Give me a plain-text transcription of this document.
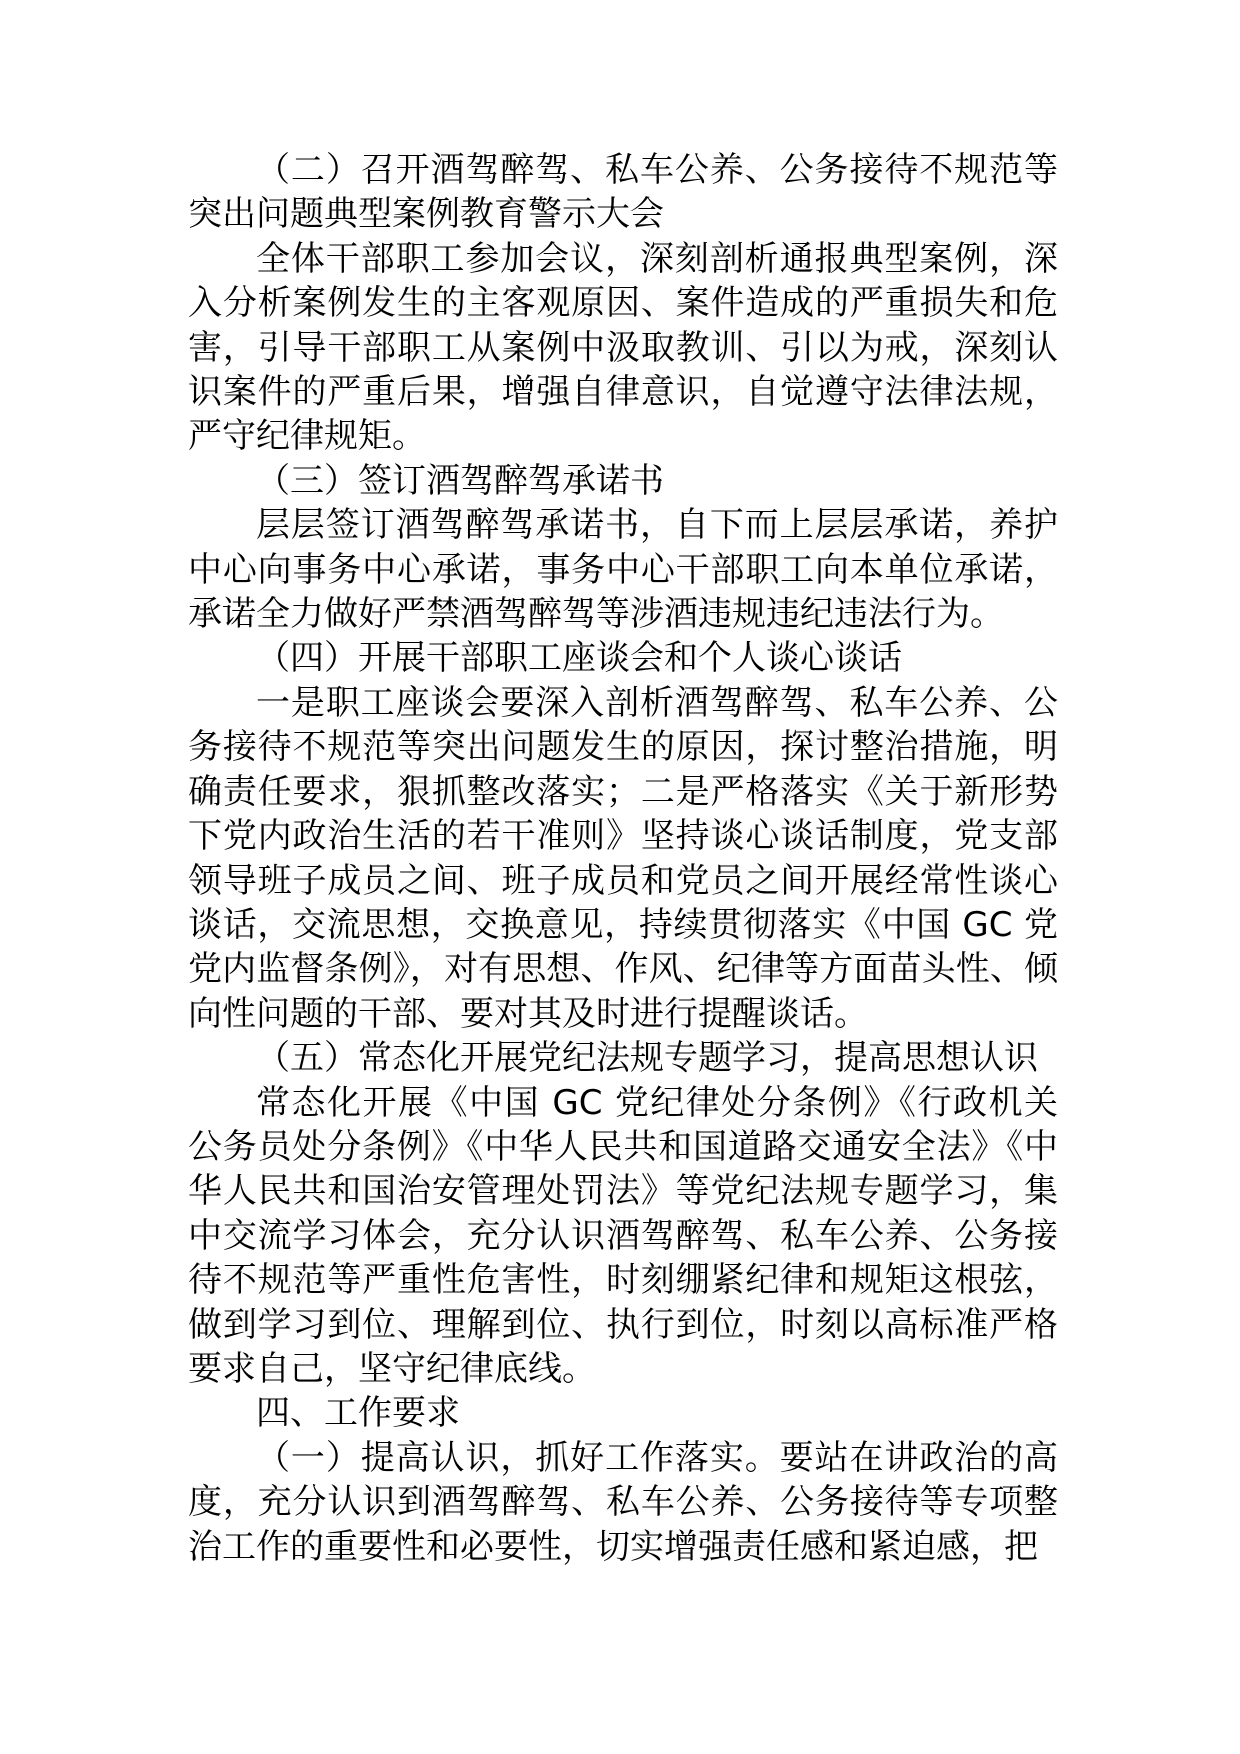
（二）召开酒驾醉驾、私车公养、公务接待不规范等突出问题典型案例教育警示大会

全体干部职工参加会议，深刻剖析通报典型案例，深入分析案例发生的主客观原因、案件造成的严重损失和危害，引导干部职工从案例中汲取教训、引以为戒，深刻认识案件的严重后果，增强自律意识，自觉遵守法律法规，严守纪律规矩。

（三）签订酒驾醉驾承诺书

层层签订酒驾醉驾承诺书，自下而上层层承诺，养护中心向事务中心承诺，事务中心干部职工向本单位承诺，承诺全力做好严禁酒驾醉驾等涉酒违规违纪违法行为。

（四）开展干部职工座谈会和个人谈心谈话

一是职工座谈会要深入剖析酒驾醉驾、私车公养、公务接待不规范等突出问题发生的原因，探讨整治措施，明确责任要求，狠抓整改落实；二是严格落实《关于新形势下党内政治生活的若干准则》坚持谈心谈话制度，党支部领导班子成员之间、班子成员和党员之间开展经常性谈心谈话，交流思想，交换意见，持续贯彻落实《中国 GC 党党内监督条例》，对有思想、作风、纪律等方面苗头性、倾向性问题的干部、要对其及时进行提醒谈话。

（五）常态化开展党纪法规专题学习，提高思想认识

常态化开展《中国 GC 党纪律处分条例》《行政机关公务员处分条例》《中华人民共和国道路交通安全法》《中华人民共和国治安管理处罚法》等党纪法规专题学习，集中交流学习体会，充分认识酒驾醉驾、私车公养、公务接待不规范等严重性危害性，时刻绷紧纪律和规矩这根弦，做到学习到位、理解到位、执行到位，时刻以高标准严格要求自己，坚守纪律底线。

四、工作要求

（一）提高认识，抓好工作落实。要站在讲政治的高度，充分认识到酒驾醉驾、私车公养、公务接待等专项整治工作的重要性和必要性，切实增强责任感和紧迫感，把
